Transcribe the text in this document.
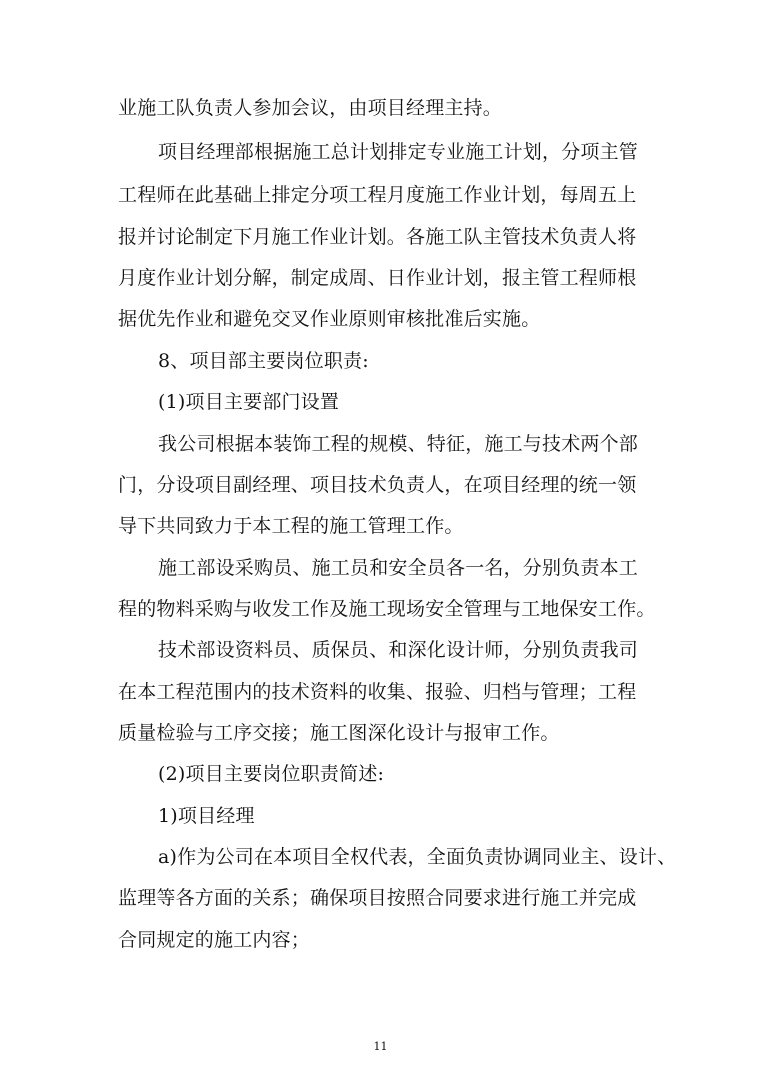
业施工队负责人参加会议，由项目经理主持。
项目经理部根据施工总计划排定专业施工计划，分项主管
工程师在此基础上排定分项工程月度施工作业计划，每周五上
报并讨论制定下月施工作业计划。各施工队主管技术负责人将
月度作业计划分解，制定成周、日作业计划，报主管工程师根
据优先作业和避免交叉作业原则审核批准后实施。
8、项目部主要岗位职责:
(1)项目主要部门设置
我公司根据本装饰工程的规模、特征，施工与技术两个部
门，分设项目副经理、项目技术负责人，在项目经理的统一领
导下共同致力于本工程的施工管理工作。
施工部设采购员、施工员和安全员各一名，分别负责本工
程的物料采购与收发工作及施工现场安全管理与工地保安工作。
技术部设资料员、质保员、和深化设计师，分别负责我司
在本工程范围内的技术资料的收集、报验、归档与管理；工程
质量检验与工序交接；施工图深化设计与报审工作。
(2)项目主要岗位职责简述:
1)项目经理
a)作为公司在本项目全权代表，全面负责协调同业主、设计、
监理等各方面的关系；确保项目按照合同要求进行施工并完成
合同规定的施工内容；
11
